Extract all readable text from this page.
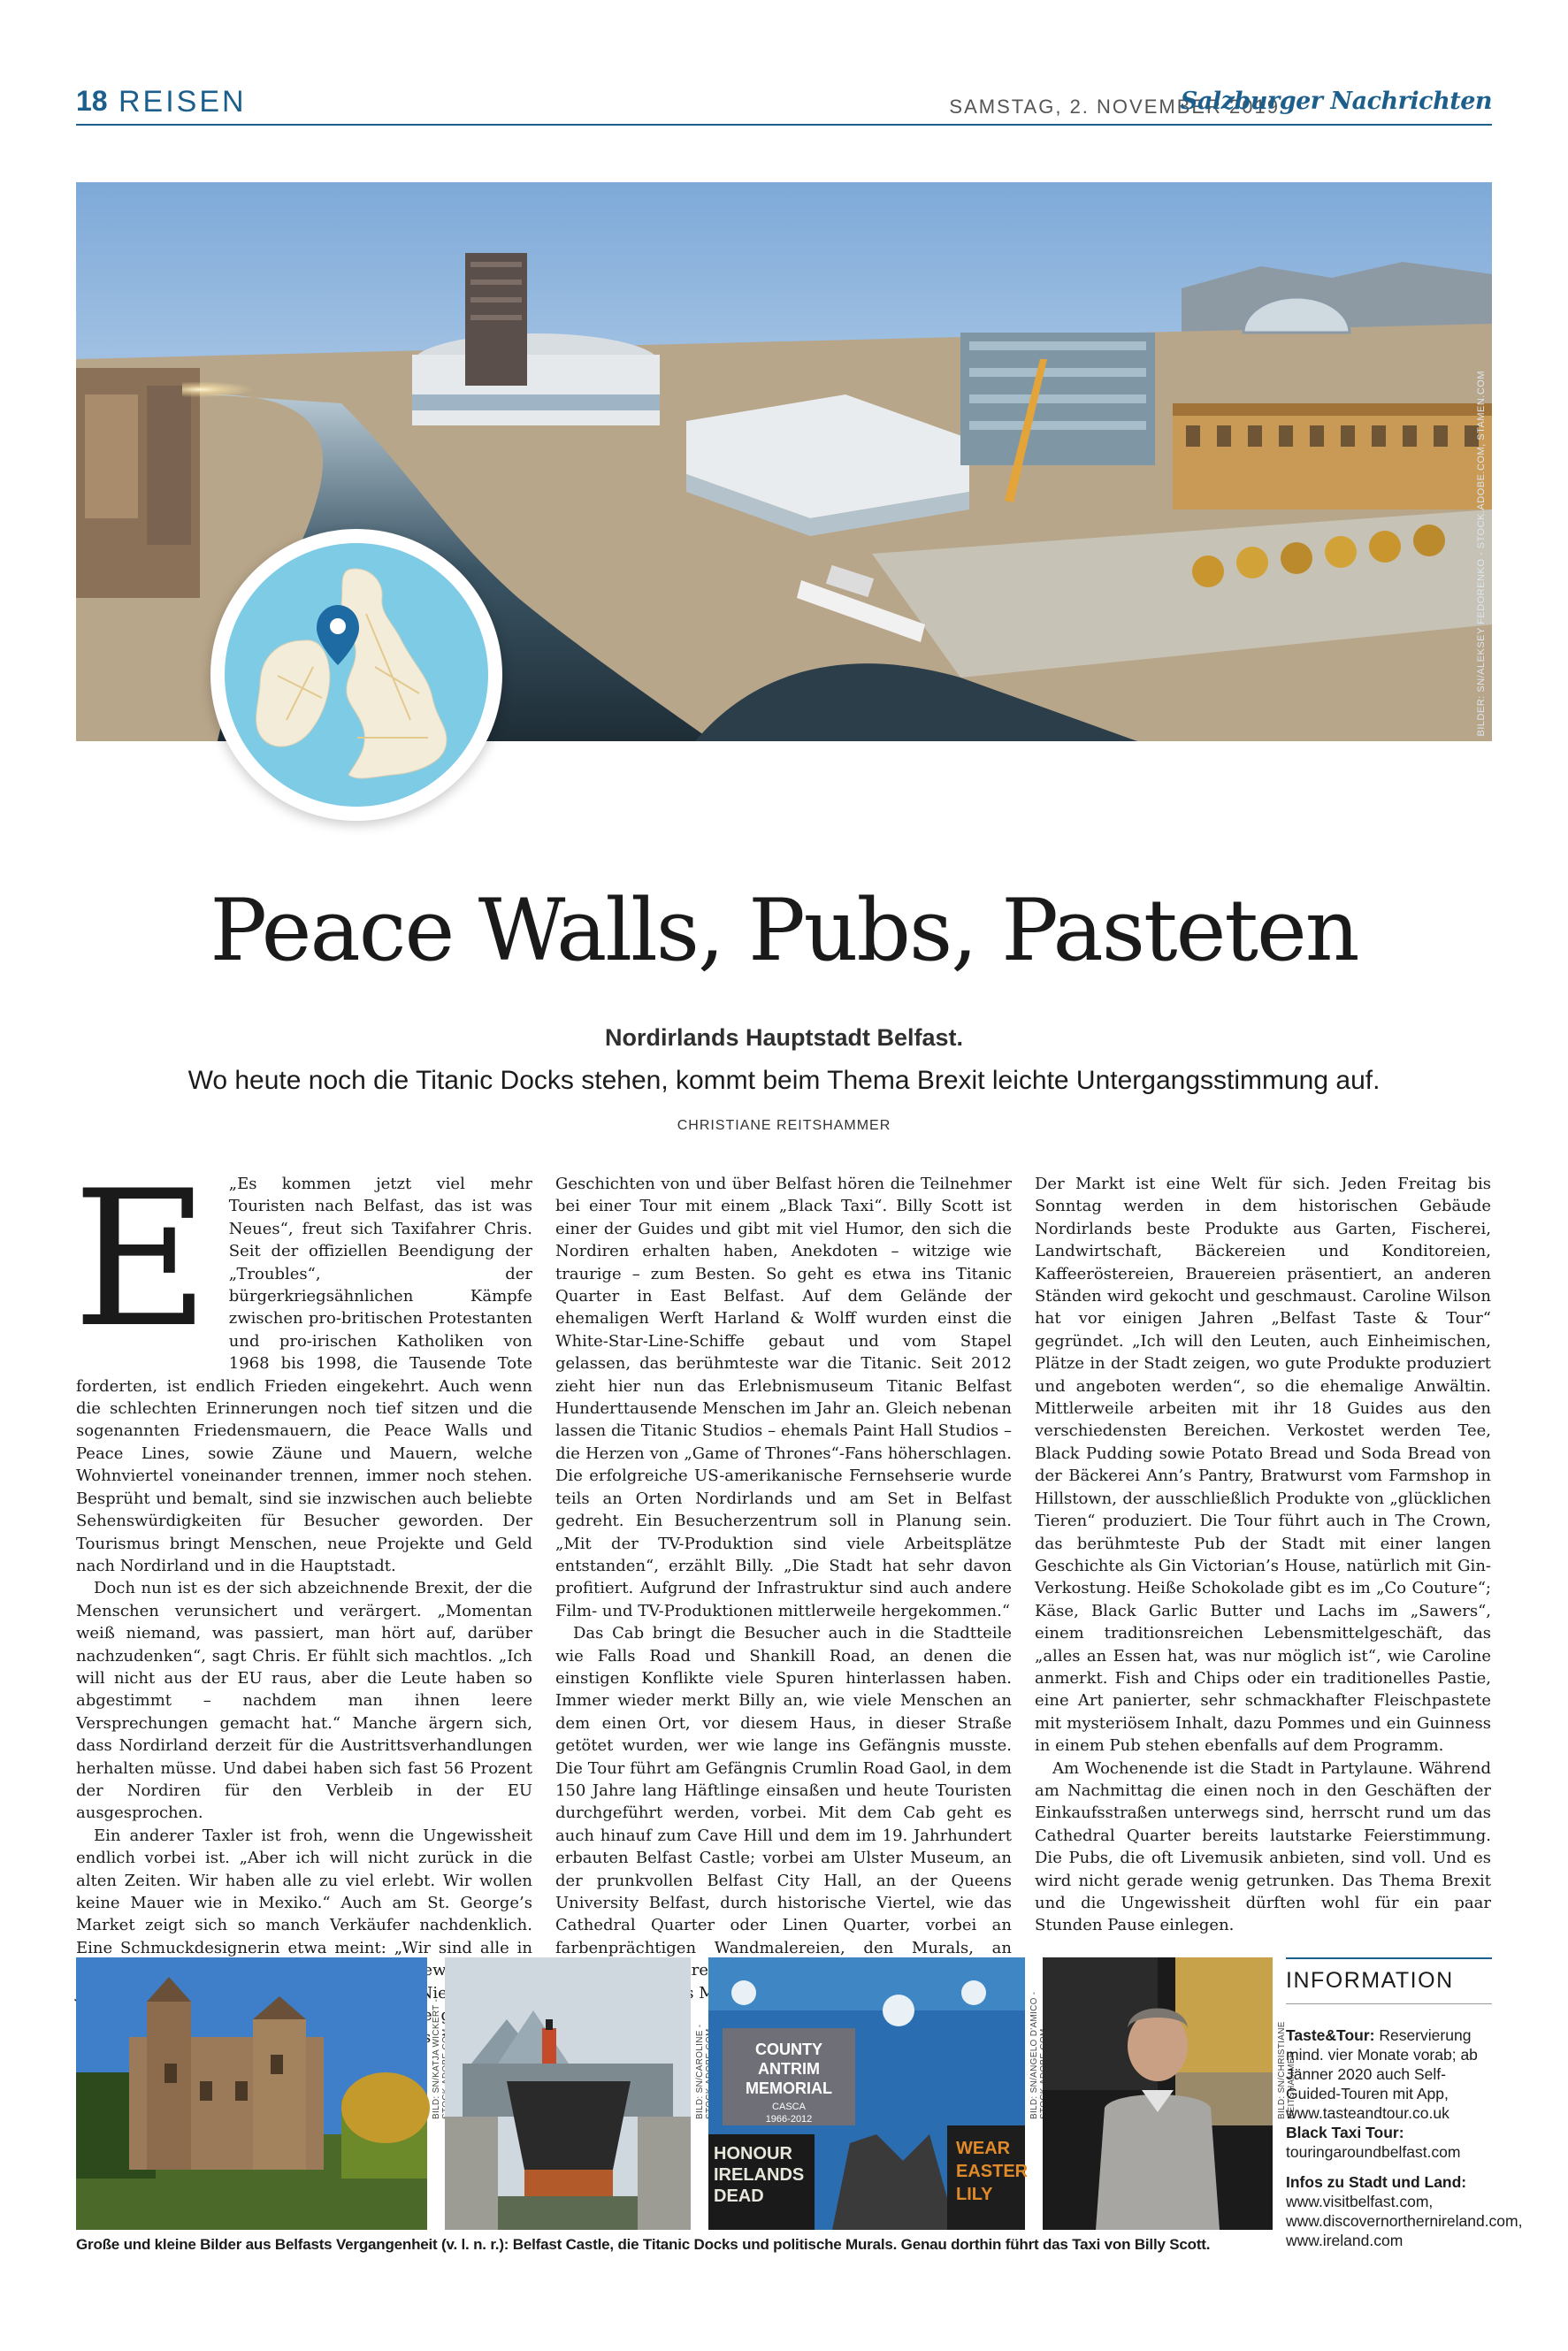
18 REISEN	SAMSTAG, 2. NOVEMBER 2019
Salzburger Nachrichten
BILDER: SN/ALEKSEY FEDORENKO - STOCK.ADOBE.COM, STAMEN.COM
Peace Walls, Pubs, Pasteten
Nordirlands Hauptstadt Belfast.
Wo heute noch die Titanic Docks stehen, kommt beim Thema Brexit leichte Untergangsstimmung auf.
CHRISTIANE REITSHAMMER
E	„Es kommen jetzt viel mehr Touristen nach Belfast, das ist was Neues“, freut sich Taxifahrer Chris. Seit der offiziellen Beendigung der „Troubles“, der bürgerkriegsähnlichen Kämpfe zwischen pro-britischen Protestanten und pro-irischen Katholiken von 1968 bis 1998, die Tausende Tote forderten, ist endlich Frieden eingekehrt. Auch wenn die schlechten Erinnerungen noch tief sitzen und die sogenannten Friedensmauern, die Peace Walls und Peace Lines, sowie Zäune und Mauern, welche Wohnviertel voneinander trennen, immer noch stehen. Besprüht und bemalt, sind sie inzwischen auch beliebte Sehenswürdigkeiten für Besucher geworden. Der Tourismus bringt Menschen, neue Projekte und Geld nach Nordirland und in die Hauptstadt.

Doch nun ist es der sich abzeichnende Brexit, der die Menschen verunsichert und verärgert. „Momentan weiß niemand, was passiert, man hört auf, darüber nachzudenken“, sagt Chris. Er fühlt sich machtlos. „Ich will nicht aus der EU raus, aber die Leute haben so abgestimmt – nachdem man ihnen leere Versprechungen gemacht hat.“ Manche ärgern sich, dass Nordirland derzeit für die Austrittsverhandlungen herhalten müsse. Und dabei haben sich fast 56 Prozent der Nordiren für den Verbleib in der EU ausgesprochen.

Ein anderer Taxler ist froh, wenn die Ungewissheit endlich vorbei ist. „Aber ich will nicht zurück in die alten Zeiten. Wir haben alle zu viel erlebt. Wir wollen keine Mauer wie in Mexiko.“ Auch am St. George’s Market zeigt sich so manch Verkäufer nachdenklich. Eine Schmuckdesignerin etwa meint: „Wir sind alle in

Geschichten von und über Belfast hören die Teilnehmer bei einer Tour mit einem „Black Taxi“. Billy Scott ist einer der Guides und gibt mit viel Humor, den sich die Nordiren erhalten haben, Anekdoten – witzige wie traurige – zum Besten. So geht es etwa ins Titanic Quarter in East Belfast. Auf dem Gelände der ehemaligen Werft Harland & Wolff wurden einst die White-Star-Line-Schiffe gebaut und vom Stapel gelassen, das berühmteste war die Titanic. Seit 2012 zieht hier nun das Erlebnismuseum Titanic Belfast Hunderttausende Menschen im Jahr an. Gleich nebenan lassen die Titanic Studios – ehemals Paint Hall Studios – die Herzen von „Game of Thrones“-Fans höherschlagen. Die erfolgreiche US-amerikanische Fernsehserie wurde teils an Orten Nordirlands und am Set in Belfast gedreht. Ein Besucherzentrum soll in Planung sein. „Mit der TV-Produktion sind viele Arbeitsplätze entstanden“, erzählt Billy. „Die Stadt hat sehr davon profitiert. Aufgrund der Infrastruktur sind auch andere Film- und TV-Produktionen mittlerweile hergekommen.“

Das Cab bringt die Besucher auch in die Stadtteile wie Falls Road und Shankill Road, an denen die einstigen Konflikte viele Spuren hinterlassen haben. Immer wieder merkt Billy an, wie viele Menschen an dem einen Ort, vor diesem Haus, in dieser Straße getötet wurden, wer wie lange ins Gefängnis musste. Die Tour führt am Gefängnis Crumlin Road Gaol, in dem 150 Jahre lang Häftlinge einsaßen und heute Touristen durchgeführt werden, vorbei. Mit dem Cab geht es auch hinauf zum Cave Hill und dem im 19. Jahrhundert erbauten Belfast Castle; vorbei am Ulster Museum, an der prunkvollen Belfast City Hall, an der Queens University Belfast, durch historische Viertel, wie das Cathedral Quarter oder Linen Quarter, vorbei an farbenprächtigen Wandmalereien, den Murals, an zahlreichen

Der Markt ist eine Welt für sich. Jeden Freitag bis Sonntag werden in dem historischen Gebäude Nordirlands beste Produkte aus Garten, Fischerei, Landwirtschaft, Bäckereien und Konditoreien, Kaffeeröstereien, Brauereien präsentiert, an anderen Ständen wird gekocht und geschmaust. Caroline Wilson hat vor einigen Jahren „Belfast Taste & Tour“ gegründet. „Ich will den Leuten, auch Einheimischen, Plätze in der Stadt zeigen, wo gute Produkte produziert und angeboten werden“, so die ehemalige Anwältin. Mittlerweile arbeiten mit ihr 18 Guides aus den verschiedensten Bereichen. Verkostet werden Tee, Black Pudding sowie Potato Bread und Soda Bread von der Bäckerei Ann’s Pantry, Bratwurst vom Farmshop in Hillstown, der ausschließlich Produkte von „glücklichen Tieren“ produziert. Die Tour führt auch in The Crown, das berühmteste Pub der Stadt mit einer langen Geschichte als Gin Victorian’s House, natürlich mit Gin-Verkostung. Heiße Schokolade gibt es im „Co Couture“; Käse, Black Garlic Butter und Lachs im „Sawers“, einem traditionsreichen Lebensmittelgeschäft, das „alles an Essen hat, was nur möglich ist“, wie Caroline anmerkt. Fish and Chips oder ein traditionelles Pastie, eine Art panierter, sehr schmackhafter Fleischpastete mit mysteriösem Inhalt, dazu Pommes und ein Guinness in einem Pub stehen ebenfalls auf dem Programm.

Am Wochenende ist die Stadt in Partylaune. Während am Nachmittag die einen noch in den Geschäften der Einkaufsstraßen unterwegs sind, herrscht rund um das Cathedral Quarter bereits lautstarke Feierstimmung. Die Pubs, die oft Livemusik anbieten, sind voll. Und es wird nicht gerade wenig getrunken. Das Thema Brexit und die Ungewissheit dürften wohl für ein paar Stunden Pause einlegen.

BILD: SN/KATJA WICKERT -
BILD: SN/CAROLINE -
COUNTY
ANTRIM
MEMORIAL
CASCA
1966-2012
HONOUR
IRELANDS
DEAD
WEAR
EASTER
LILY
BILD: SN/ANGELO D'AMICO -
BILD: SN/CHRISTIANE REITSHAMMER
Große und kleine Bilder aus Belfasts Vergangenheit (v. l. n. r.): Belfast Castle, die Titanic Docks und politische Murals. Genau dorthin führt das Taxi von Billy Scott.
INFORMATION
Taste&Tour: Reservierung mind. vier Monate vorab; ab Jänner 2020 auch Self-Guided-Touren mit App, www.tasteandtour.co.uk
Black Taxi Tour:
touringaroundbelfast.com
Infos zu Stadt und Land:
www.visitbelfast.com, www.discovernorthernireland.com, www.ireland.com
